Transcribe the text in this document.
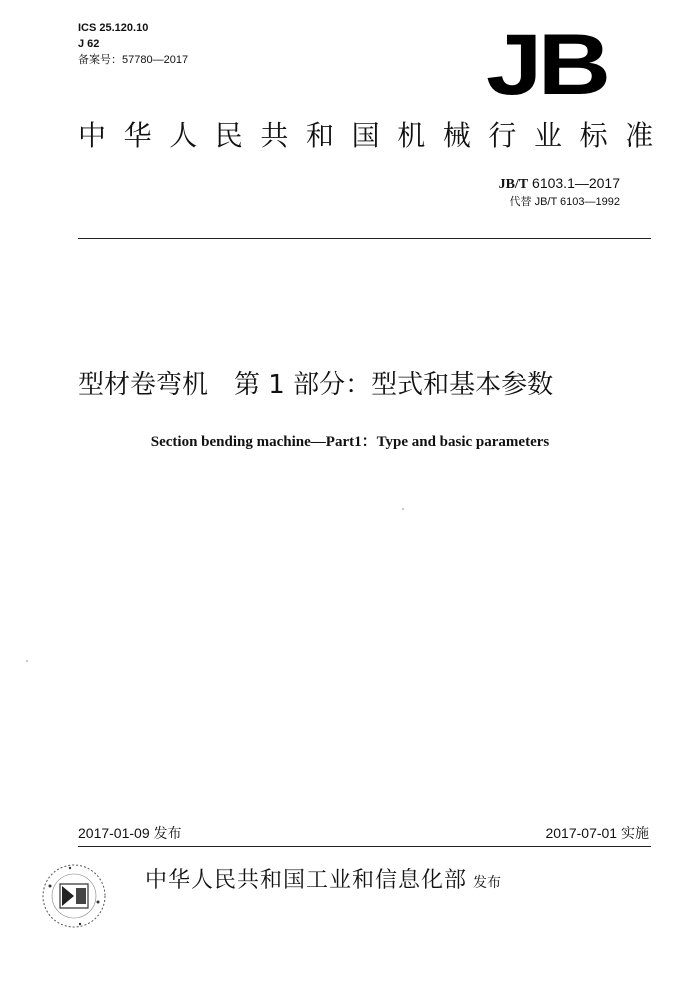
ICS 25.120.10
J 62
备案号：57780—2017	JB
中华人民共和国机械行业标准
JB/T 6103.1—2017
代替 JB/T 6103—1992
型材卷弯机　第 1 部分：型式和基本参数
Section bending machine—Part1：Type and basic parameters
2017-01-09 发布	2017-07-01 实施
中华人民共和国工业和信息化部 发布
